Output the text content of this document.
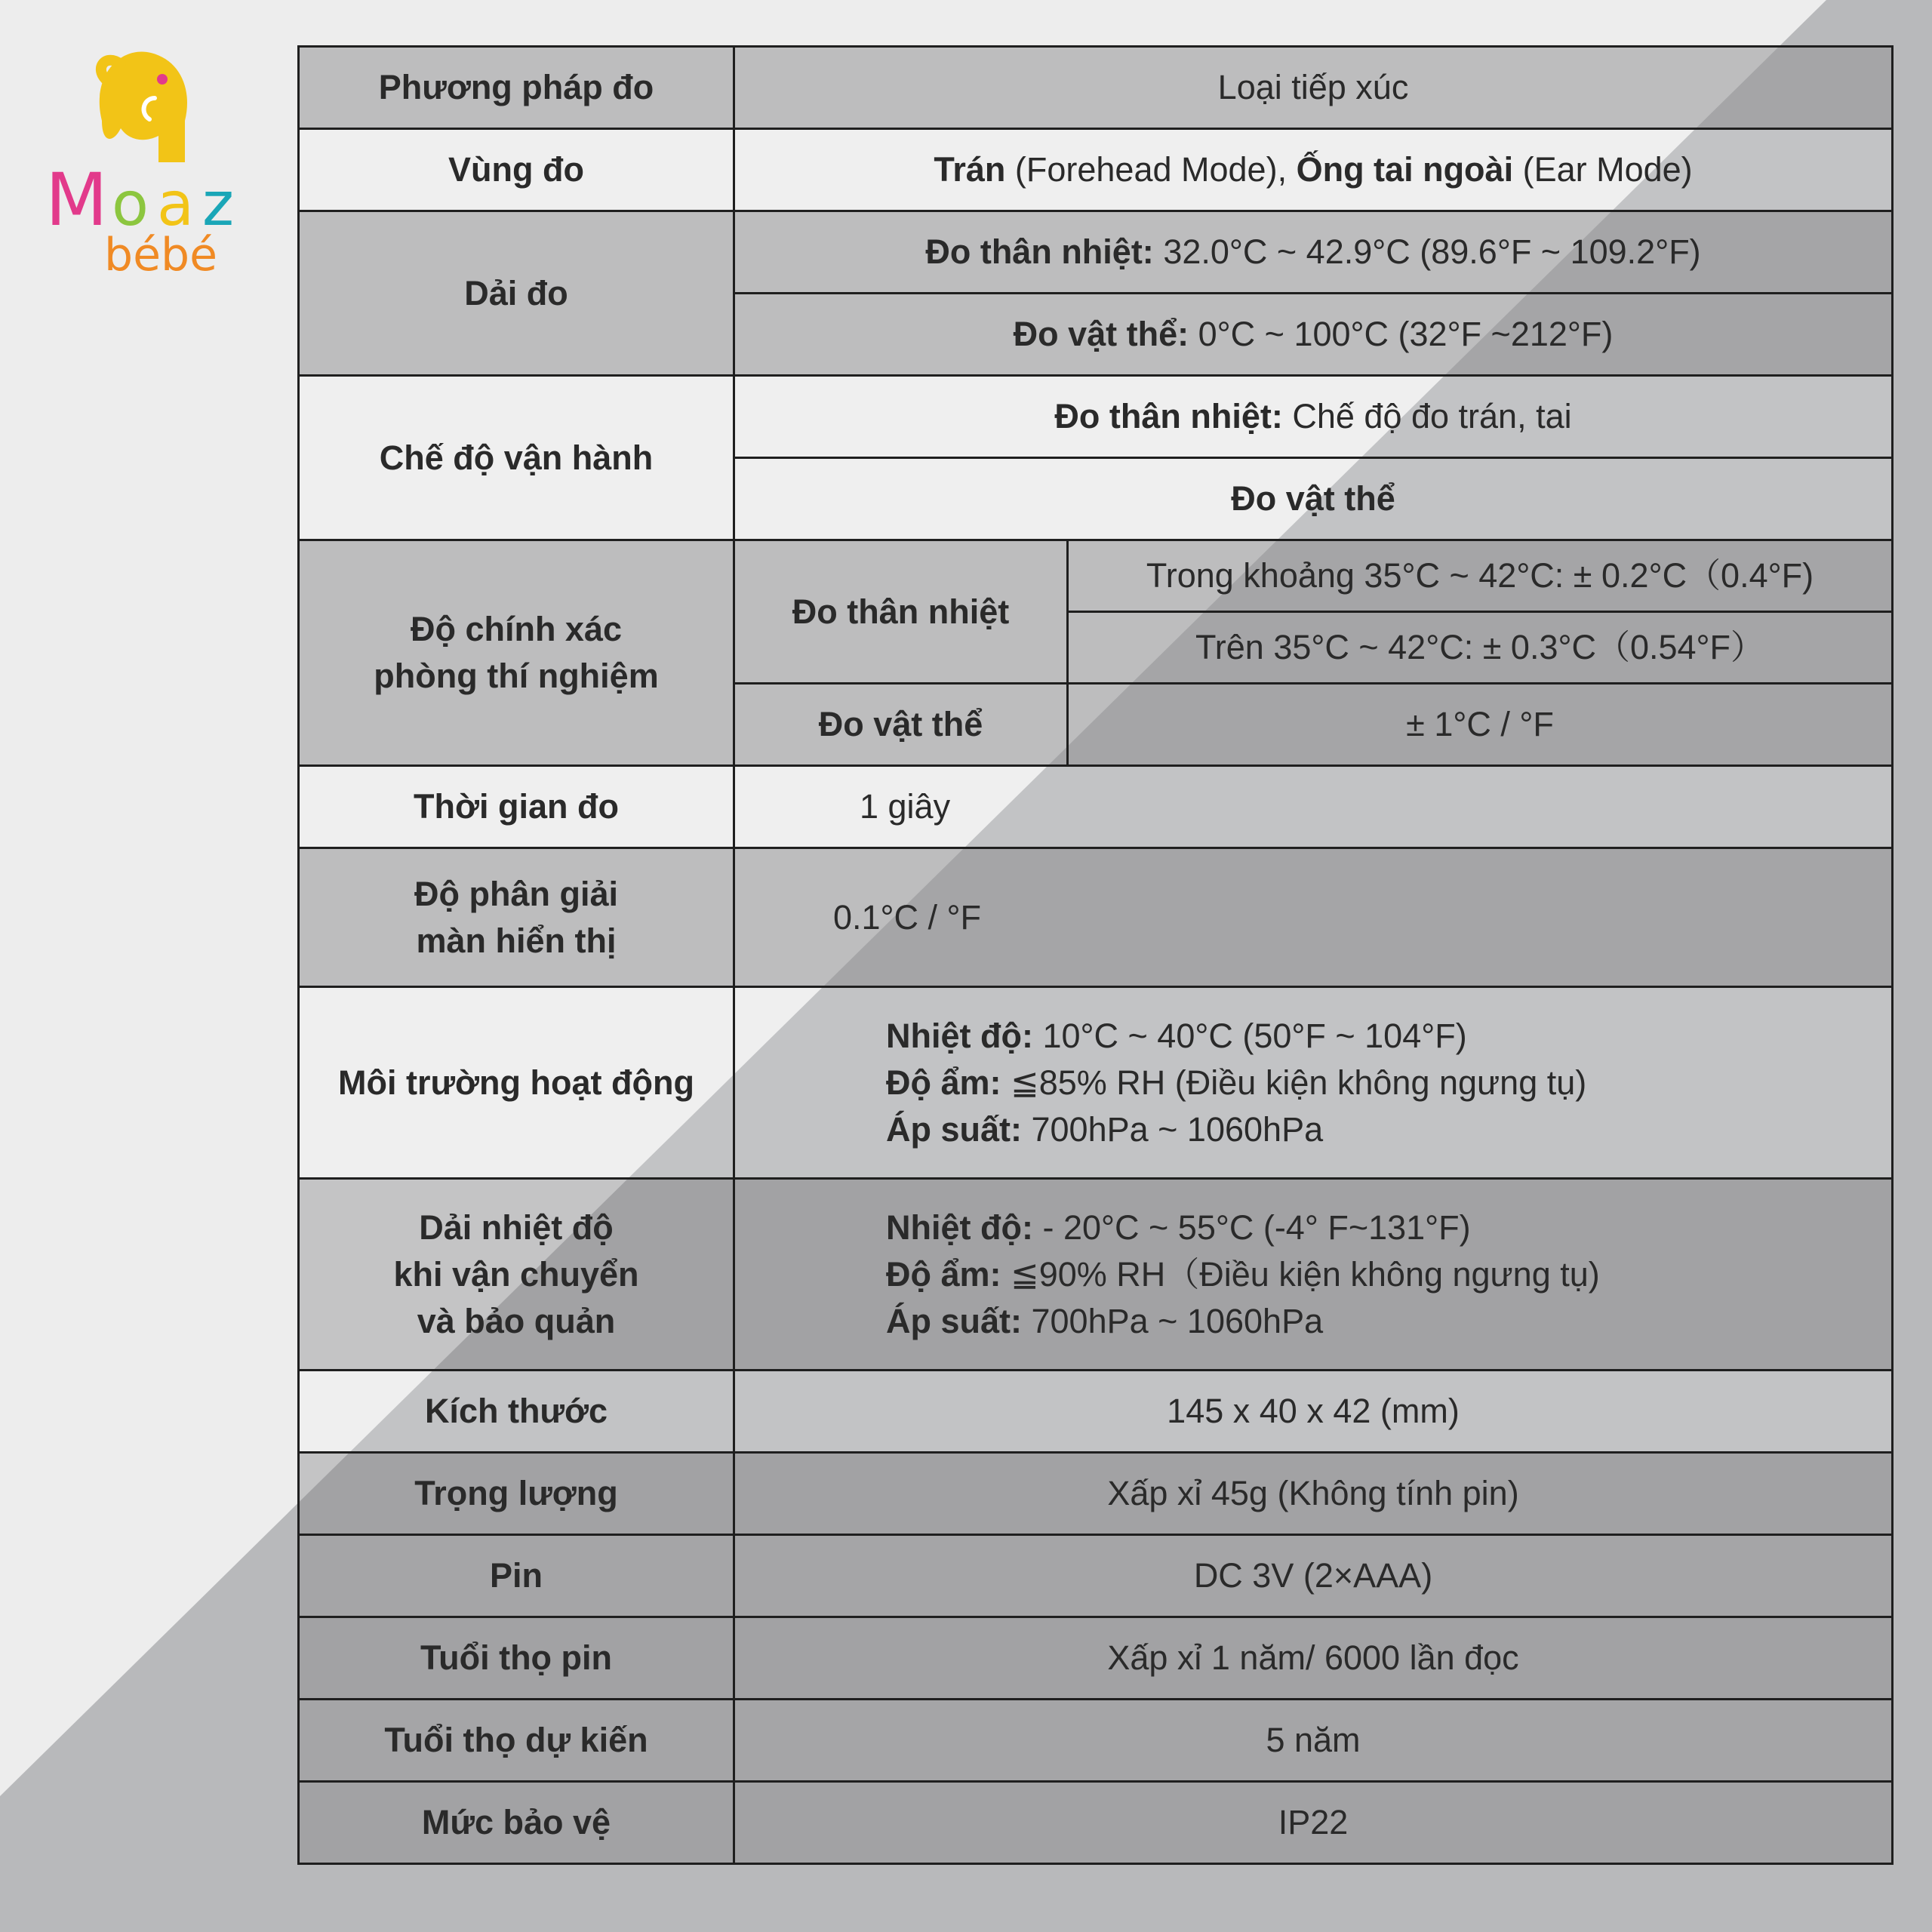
M o a z
bébé
Phương pháp đo	Loại tiếp xúc	
Vùng đo	Trán (Forehead Mode), Ống tai ngoài (Ear Mode)	
Dải đo	Đo thân nhiệt: 32.0°C ~ 42.9°C (89.6°F ~ 109.2°F)	
	Đo vật thể: 0°C ~ 100°C (32°F ~212°F)	
Chế độ vận hành	Đo thân nhiệt: Chế độ đo trán, tai	
	Đo vật thể	

Độ chính xác
phòng thí nghiệm	Đo thân nhiệt	Trong khoảng 35°C ~ 42°C: ± 0.2°C（0.4°F)
		Trên 35°C ~ 42°C: ± 0.3°C（0.54°F）
	Đo vật thể	± 1°C / °F
Thời gian đo	1 giây	

Độ phân giải
màn hiển thị	0.1°C / °F	
Môi trường hoạt động	Nhiệt độ: 10°C ~ 40°C (50°F ~ 104°F)
Độ ẩm: ≦85% RH (Điều kiện không ngưng tụ)
Áp suất: 700hPa ~ 1060hPa	

Dải nhiệt độ
khi vận chuyển
và bảo quản	Nhiệt độ: - 20°C ~ 55°C (-4° F~131°F)
Độ ẩm: ≦90% RH（Điều kiện không ngưng tụ)
Áp suất: 700hPa ~ 1060hPa	

Kích thước	145 x 40 x 42 (mm)	
Trọng lượng	Xấp xỉ 45g (Không tính pin)	
Pin	DC 3V (2×AAA)	
Tuổi thọ pin	Xấp xỉ 1 năm/ 6000 lần đọc	
Tuổi thọ dự kiến	5 năm	
Mức bảo vệ	IP22	
